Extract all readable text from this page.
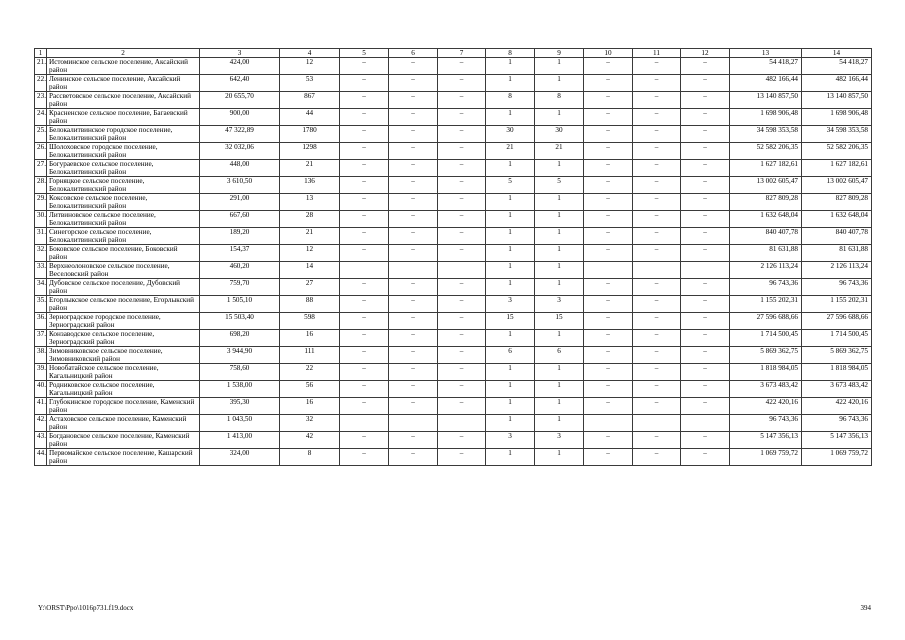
1	2	3	4	5	6	7	8	9	10	11	12	13	14
21.	Истоминское сельское поселение, Аксайский район	424,00	12	–	–	–	1	1	–	–	–	54 418,27	54 418,27
22.	Ленинское сельское поселение, Аксайский район	642,40	53	–	–	–	1	1	–	–	–	482 166,44	482 166,44
23.	Рассветовское сельское поселение, Аксайский район	20 655,70	867	–	–	–	8	8	–	–	–	13 140 857,50	13 140 857,50
24.	Красненское сельское поселение, Багаевский район	900,00	44	–	–	–	1	1	–	–	–	1 698 906,48	1 698 906,48
25.	Белокалитвинское городское поселение, Белокалитвинский район	47 322,89	1780	–	–	–	30	30	–	–	–	34 598 353,58	34 598 353,58
26.	Шолоховское городское поселение, Белокалитвинский район	32 032,06	1298	–	–	–	21	21	–	–	–	52 582 206,35	52 582 206,35
27.	Богураевское сельское поселение, Белокалитвинский район	448,00	21	–	–	–	1	1	–	–	–	1 627 182,61	1 627 182,61
28.	Горняцкое сельское поселение, Белокалитвинский район	3 610,50	136	–	–	–	5	5	–	–	–	13 002 605,47	13 002 605,47
29.	Коксовское сельское поселение, Белокалитвинский район	291,00	13	–	–	–	1	1	–	–	–	827 809,28	827 809,28
30.	Литвиновское сельское поселение, Белокалитвинский район	667,60	28	–	–	–	1	1	–	–	–	1 632 648,04	1 632 648,04
31.	Синегорское сельское поселение, Белокалитвинский район	189,20	21	–	–	–	1	1	–	–	–	840 407,78	840 407,78
32.	Боковское сельское поселение, Боковский район	154,37	12	–	–	–	1	1	–	–	–	81 631,88	81 631,88
33.	Верхнеолоновское сельское поселение, Веселовский район	460,20	14				1	1				2 126 113,24	2 126 113,24
34.	Дубовское сельское поселение, Дубовский район	759,70	27	–	–	–	1	1	–	–	–	96 743,36	96 743,36
35.	Егорлыкское сельское поселение, Егорлыкский район	1 505,10	88	–	–	–	3	3	–	–	–	1 155 202,31	1 155 202,31
36.	Зерноградское городское поселение, Зерноградский район	15 503,40	598	–	–	–	15	15	–	–	–	27 596 688,66	27 596 688,66
37.	Конзаводское сельское поселение, Зерноградский район	698,20	16	–	–	–	1	1	–	–	–	1 714 500,45	1 714 500,45
38.	Зимовниковское сельское поселение, Зимовниковский район	3 944,90	111	–	–	–	6	6	–	–	–	5 869 362,75	5 869 362,75
39.	Новобатайское сельское поселение, Кагальницкий район	758,60	22	–	–	–	1	1	–	–	–	1 818 984,05	1 818 984,05
40.	Родниковское сельское поселение, Кагальницкий район	1 538,00	56	–	–	–	1	1	–	–	–	3 673 483,42	3 673 483,42
41.	Глубокинское городское поселение, Каменский район	395,30	16	–	–	–	1	1	–	–	–	422 420,16	422 420,16
42.	Астаховское сельское поселение, Каменский район	1 043,50	32				1	1				96 743,36	96 743,36
43.	Богдановское сельское поселение, Каменский район	1 413,00	42	–	–	–	3	3	–	–	–	5 147 356,13	5 147 356,13
44.	Первомайское сельское поселение, Кашарский район	324,00	8	–	–	–	1	1	–	–	–	1 069 759,72	1 069 759,72
Y:\ORST\Ppo\1016p731.f19.docx	394
